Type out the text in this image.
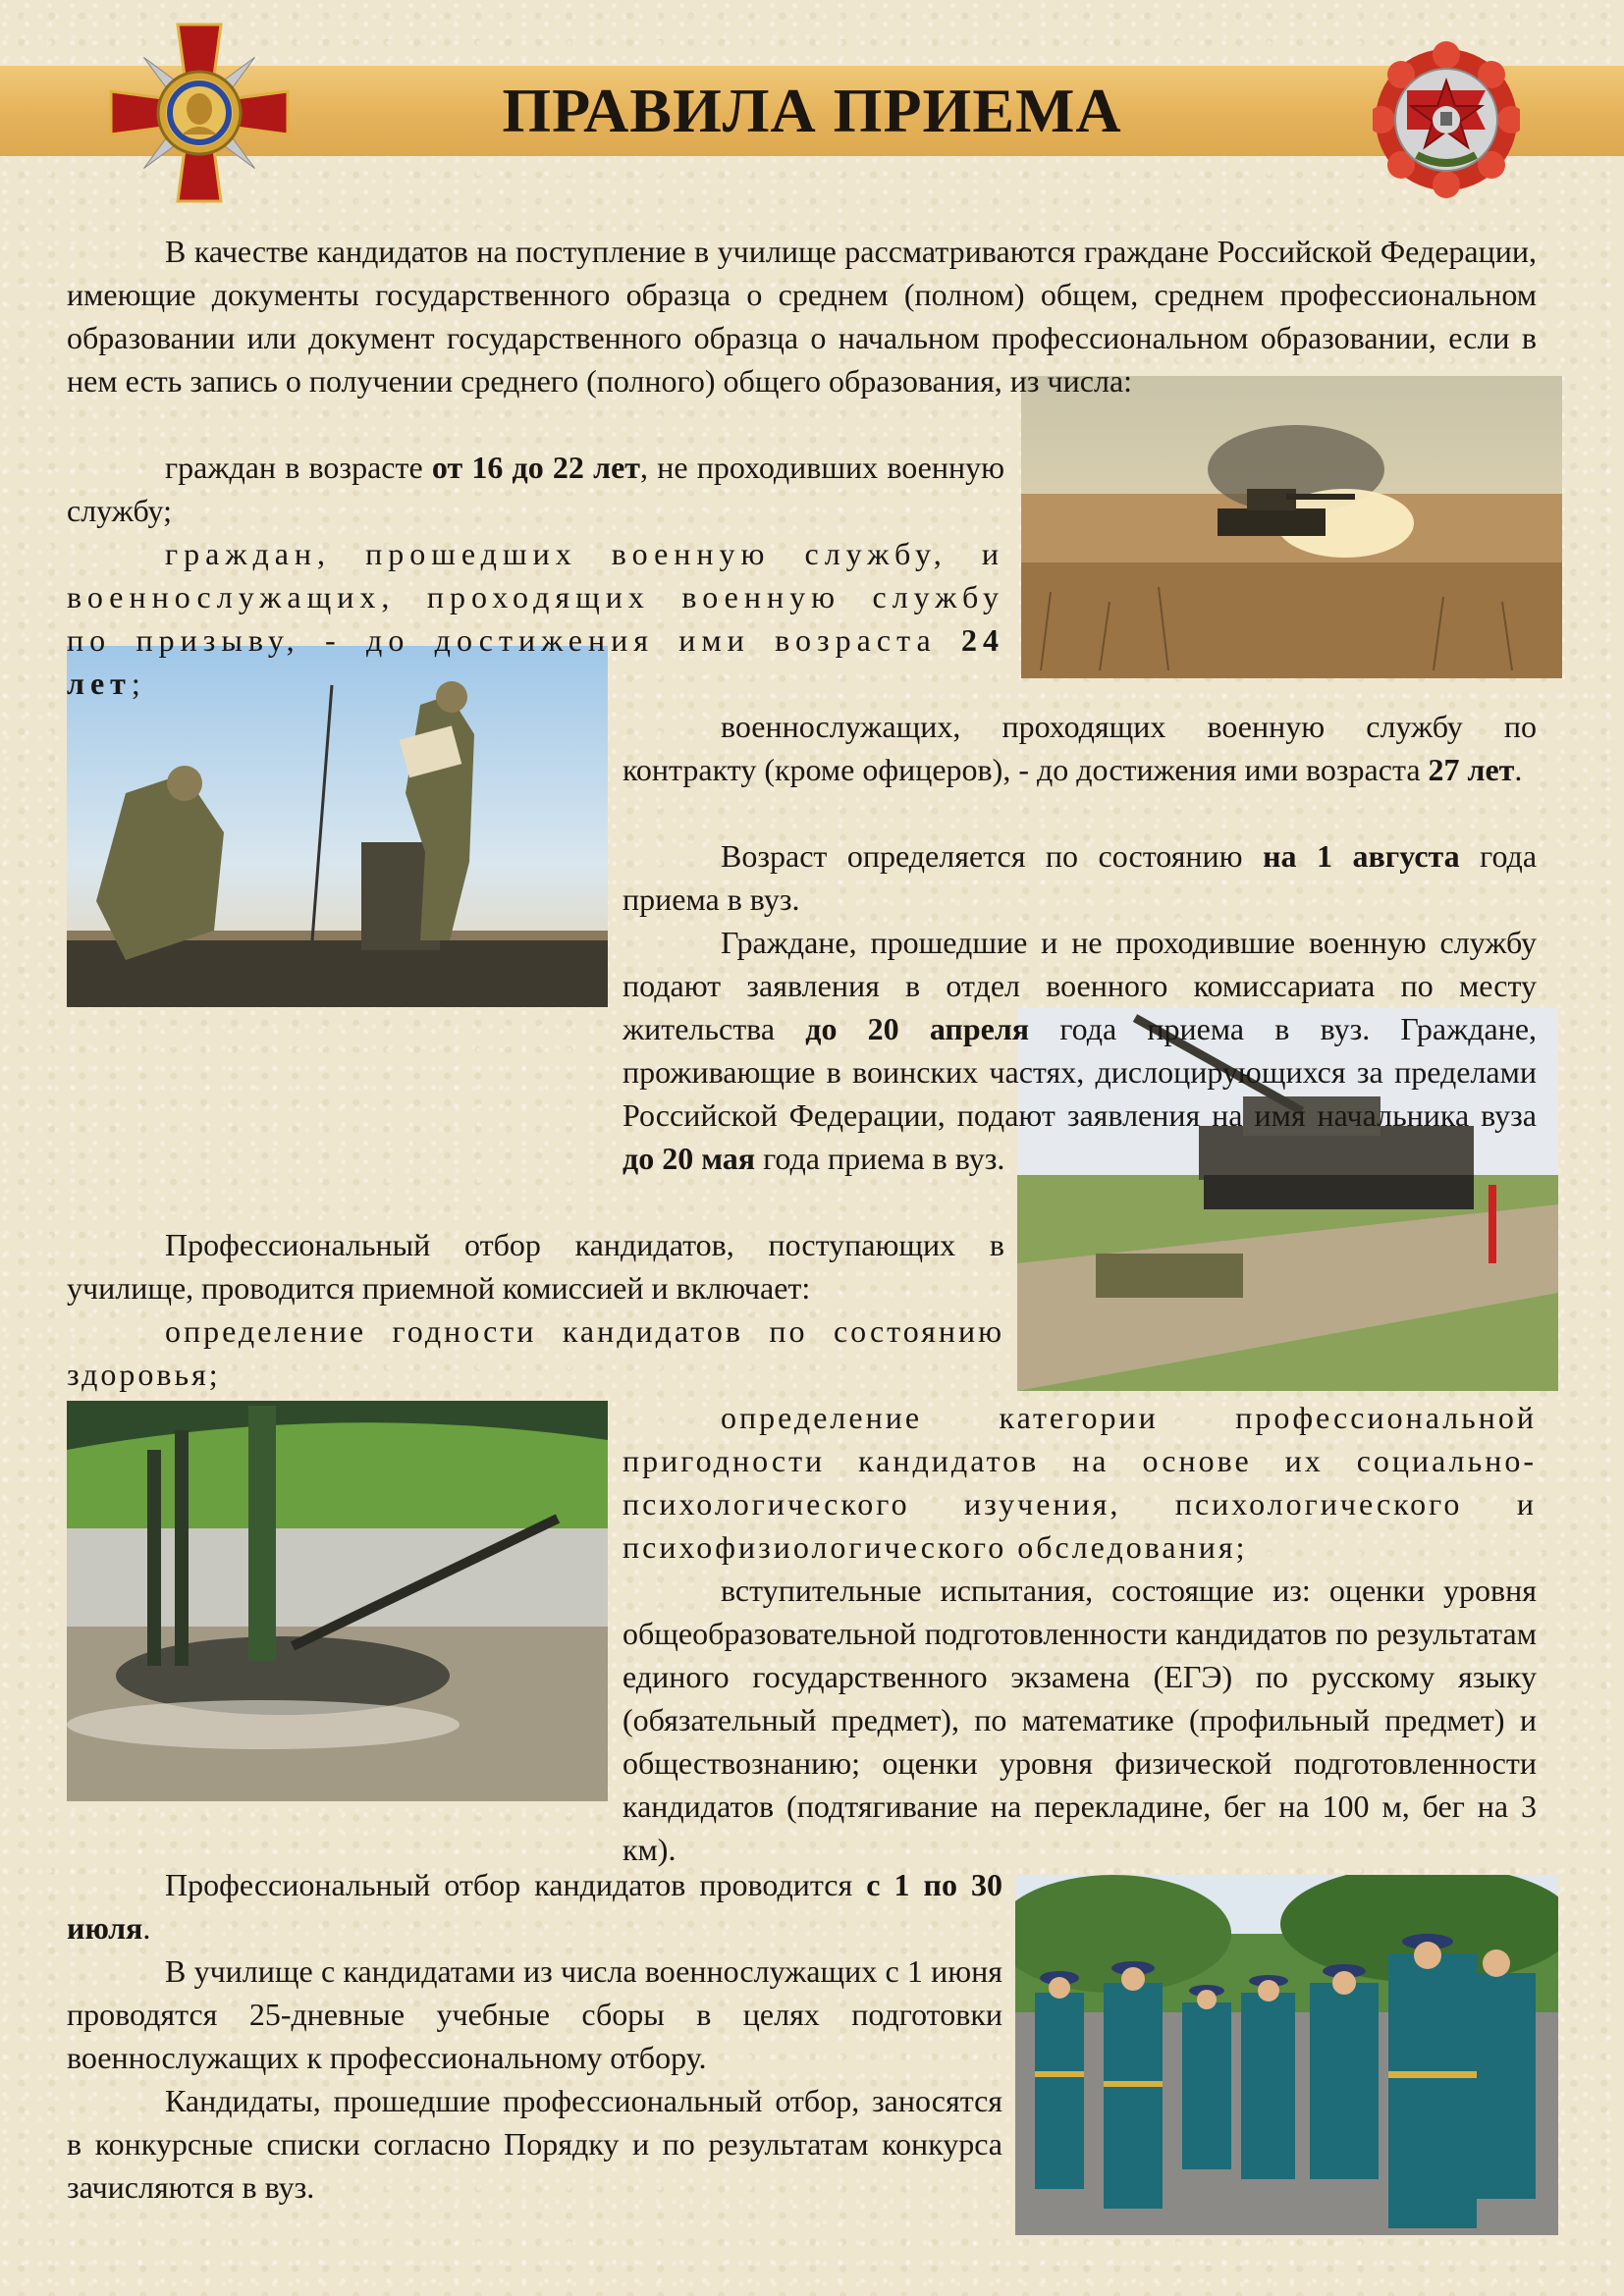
ПРАВИЛА ПРИЕМА

В качестве кандидатов на поступление в училище рассматриваются граждане Российской Федерации, имеющие документы государственного образца о среднем (полном) общем, среднем профессиональном образовании или документ государственного образца о начальном профессиональном образовании, если в нем есть запись о получении среднего (полного) общего образования, из числа:

граждан в возрасте от 16 до 22 лет, не проходивших военную службу;

граждан, прошедших военную службу, и военнослужащих, проходящих военную службу по призыву, - до достижения ими возраста 24 лет;

военнослужащих, проходящих военную службу по контракту (кроме офицеров), - до достижения ими возраста 27 лет.

Возраст определяется по состоянию на 1 августа года приема в вуз.

Граждане, прошедшие и не проходившие военную службу подают заявления в отдел военного комиссариата по месту жительства до 20 апреля года приема в вуз. Граждане, проживающие в воинских частях, дислоцирующихся за пределами Российской Федерации, подают заявления на имя начальника вуза до 20 мая года приема в вуз.

Профессиональный отбор кандидатов, поступающих в училище, проводится приемной комиссией и включает:

определение годности кандидатов по состоянию здоровья;

определение категории профессиональной пригодности кандидатов на основе их социально-психологического изучения, психологического и психофизиологического обследования;

вступительные испытания, состоящие из: оценки уровня общеобразовательной подготовленности кандидатов по результатам единого государственного экзамена (ЕГЭ) по русскому языку (обязательный предмет), по математике (профильный предмет) и обществознанию; оценки уровня физической подготовленности кандидатов (подтягивание на перекладине, бег на 100 м, бег на 3 км).

Профессиональный отбор кандидатов проводится с 1 по 30 июля.

В училище с кандидатами из числа военнослужащих с 1 июня проводятся 25-дневные учебные сборы в целях подготовки военнослужащих к профессиональному отбору.

Кандидаты, прошедшие профессиональный отбор, заносятся в конкурсные списки согласно Порядку и по результатам конкурса зачисляются в вуз.
